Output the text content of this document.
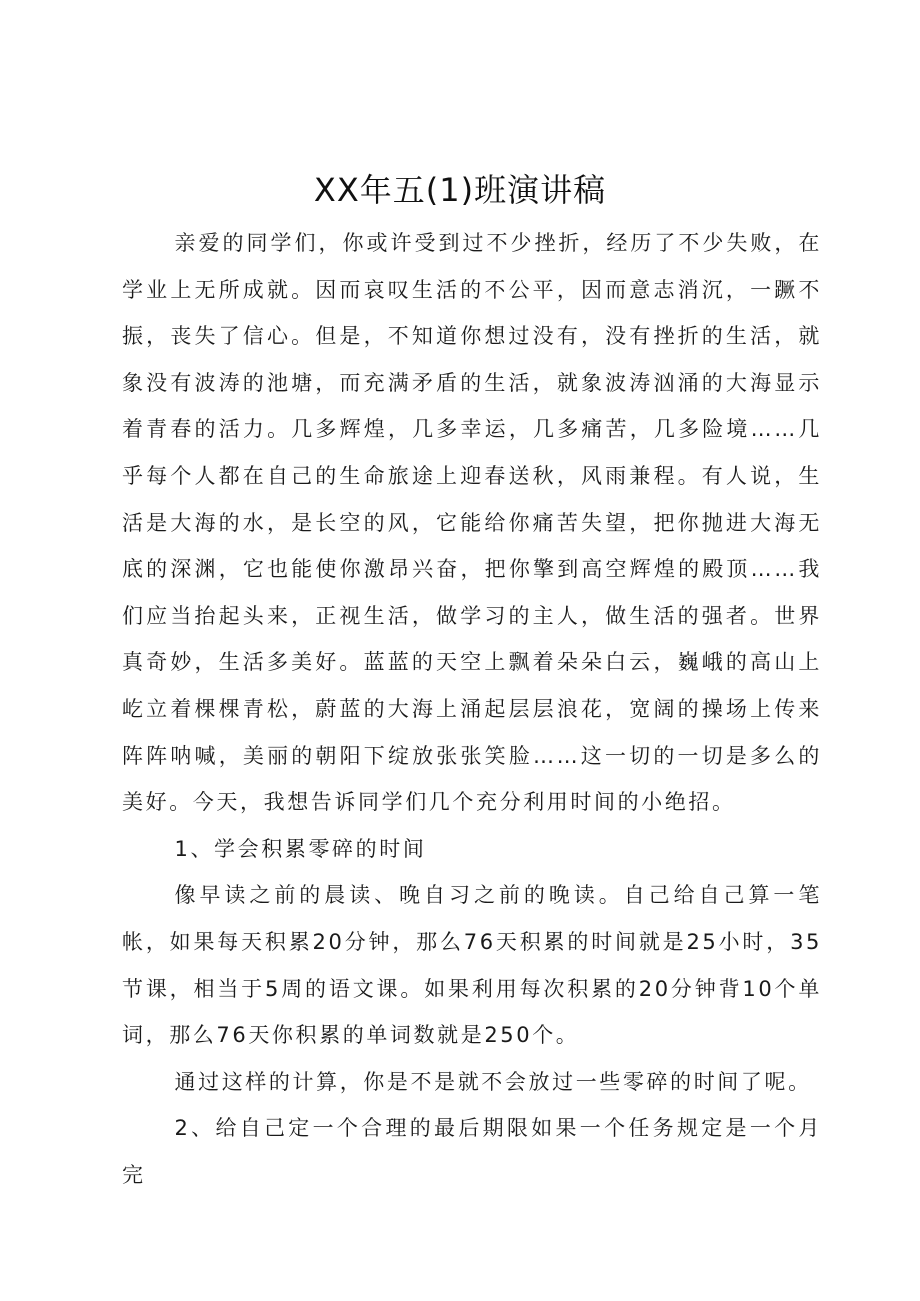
XX年五(1)班演讲稿

亲爱的同学们，你或许受到过不少挫折，经历了不少失败，在学业上无所成就。因而哀叹生活的不公平，因而意志消沉，一蹶不振，丧失了信心。但是，不知道你想过没有，没有挫折的生活，就象没有波涛的池塘，而充满矛盾的生活，就象波涛汹涌的大海显示着青春的活力。几多辉煌，几多幸运，几多痛苦，几多险境……几乎每个人都在自己的生命旅途上迎春送秋，风雨兼程。有人说，生活是大海的水，是长空的风，它能给你痛苦失望，把你抛进大海无底的深渊，它也能使你激昂兴奋，把你擎到高空辉煌的殿顶……我们应当抬起头来，正视生活，做学习的主人，做生活的强者。世界真奇妙，生活多美好。蓝蓝的天空上飘着朵朵白云，巍峨的高山上屹立着棵棵青松，蔚蓝的大海上涌起层层浪花，宽阔的操场上传来阵阵呐喊，美丽的朝阳下绽放张张笑脸……这一切的一切是多么的美好。今天，我想告诉同学们几个充分利用时间的小绝招。

1、学会积累零碎的时间

像早读之前的晨读、晚自习之前的晚读。自己给自己算一笔帐，如果每天积累20分钟，那么76天积累的时间就是25小时，35节课，相当于5周的语文课。如果利用每次积累的20分钟背10个单词，那么76天你积累的单词数就是250个。

通过这样的计算，你是不是就不会放过一些零碎的时间了呢。

2、给自己定一个合理的最后期限如果一个任务规定是一个月完
